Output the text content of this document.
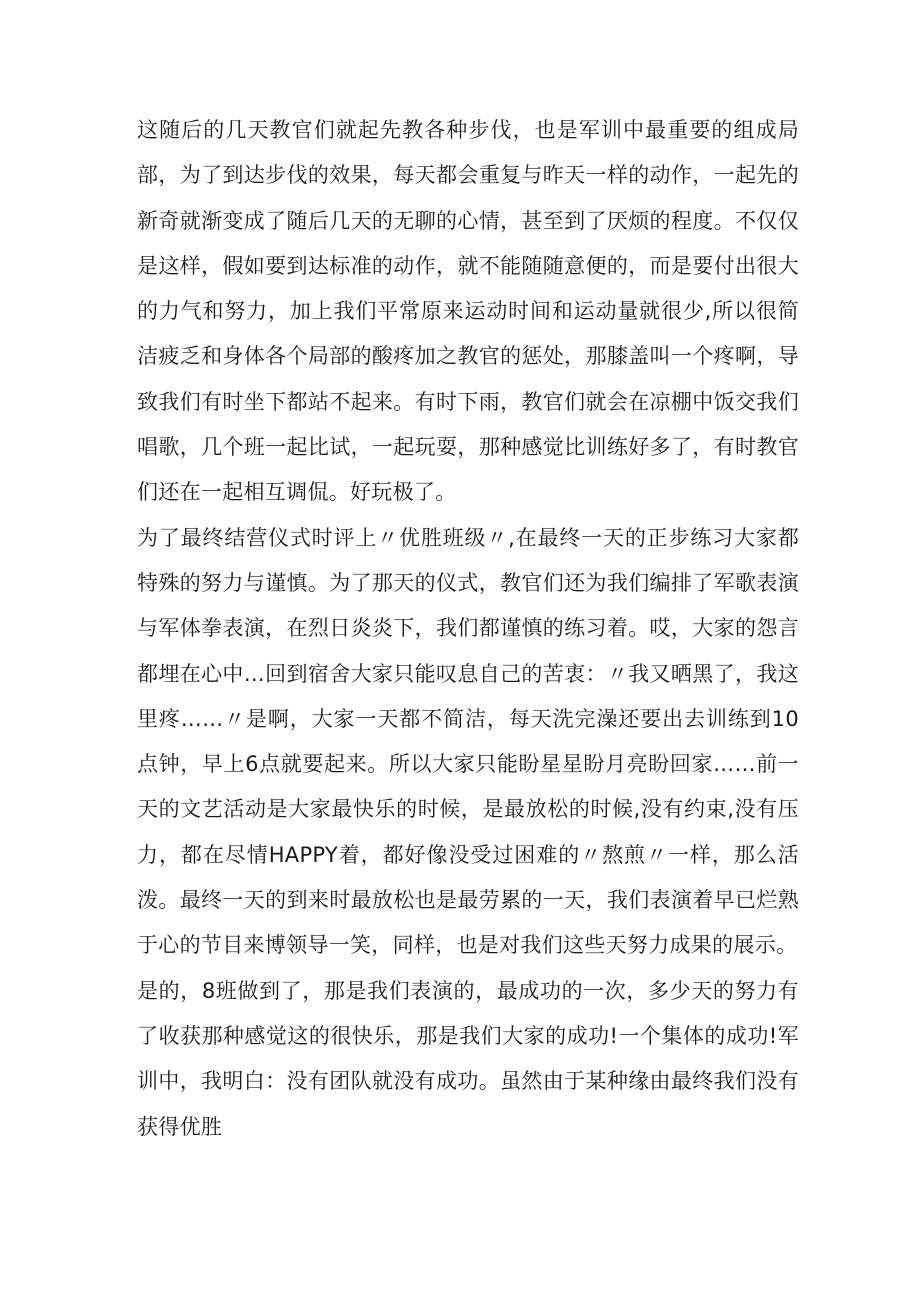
这随后的几天教官们就起先教各种步伐，也是军训中最重要的组成局部，为了到达步伐的效果，每天都会重复与昨天一样的动作，一起先的新奇就渐变成了随后几天的无聊的心情，甚至到了厌烦的程度。不仅仅是这样，假如要到达标准的动作，就不能随随意便的，而是要付出很大的力气和努力，加上我们平常原来运动时间和运动量就很少,所以很简洁疲乏和身体各个局部的酸疼加之教官的惩处，那膝盖叫一个疼啊，导致我们有时坐下都站不起来。有时下雨，教官们就会在凉棚中饭交我们唱歌，几个班一起比试，一起玩耍，那种感觉比训练好多了，有时教官们还在一起相互调侃。好玩极了。

为了最终结营仪式时评上〃优胜班级〃,在最终一天的正步练习大家都特殊的努力与谨慎。为了那天的仪式，教官们还为我们编排了军歌表演与军体拳表演，在烈日炎炎下，我们都谨慎的练习着。哎，大家的怨言都埋在心中…回到宿舍大家只能叹息自己的苦衷：〃我又晒黑了，我这里疼……〃是啊，大家一天都不简洁，每天洗完澡还要出去训练到10点钟，早上6点就要起来。所以大家只能盼星星盼月亮盼回家……前一天的文艺活动是大家最快乐的时候，是最放松的时候,没有约束,没有压力，都在尽情HAPPY着，都好像没受过困难的〃熬煎〃一样，那么活泼。最终一天的到来时最放松也是最劳累的一天，我们表演着早已烂熟于心的节目来博领导一笑，同样，也是对我们这些天努力成果的展示。

是的，8班做到了，那是我们表演的，最成功的一次，多少天的努力有了收获那种感觉这的很快乐，那是我们大家的成功!一个集体的成功!军训中，我明白：没有团队就没有成功。虽然由于某种缘由最终我们没有获得优胜
